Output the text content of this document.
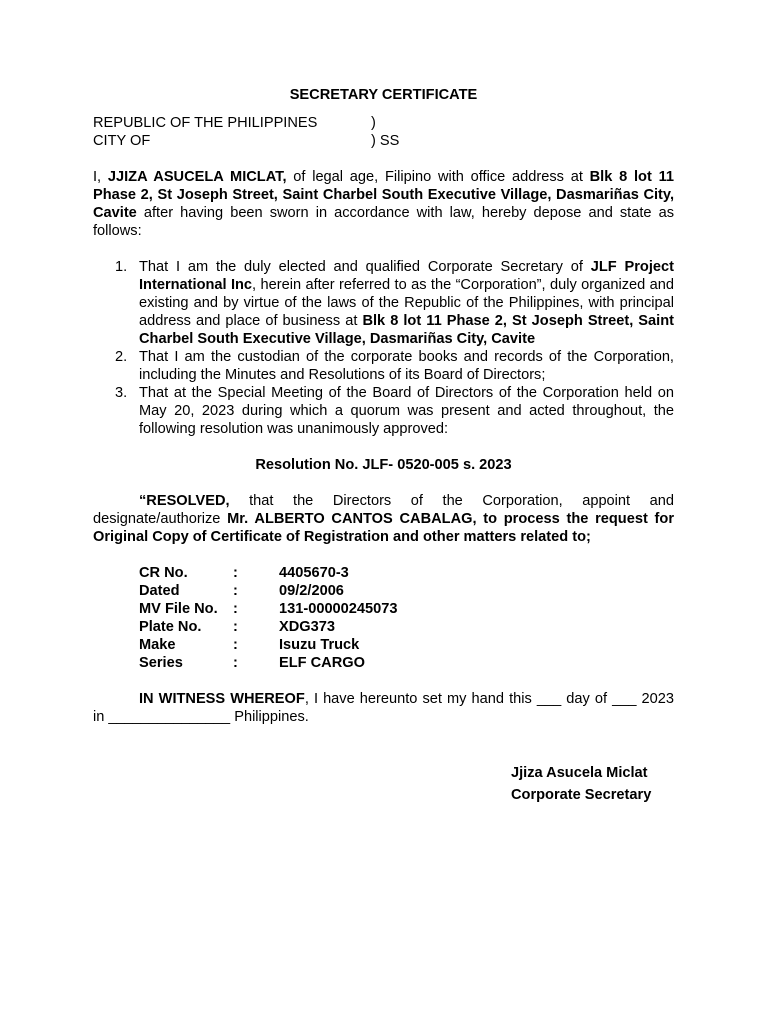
SECRETARY CERTIFICATE
REPUBLIC OF THE PHILIPPINES	)
CITY OF	) SS

I, JJIZA ASUCELA MICLAT, of legal age, Filipino with office address at Blk 8 lot 11 Phase 2, St Joseph Street, Saint Charbel South Executive Village, Dasmariñas City, Cavite after having been sworn in accordance with law, hereby depose and state as follows:

1. That I am the duly elected and qualified Corporate Secretary of JLF Project International Inc, herein after referred to as the “Corporation”, duly organized and existing and by virtue of the laws of the Republic of the Philippines, with principal address and place of business at Blk 8 lot 11 Phase 2, St Joseph Street, Saint Charbel South Executive Village, Dasmariñas City, Cavite
2. That I am the custodian of the corporate books and records of the Corporation, including the Minutes and Resolutions of its Board of Directors;
3. That at the Special Meeting of the Board of Directors of the Corporation held on May 20, 2023 during which a quorum was present and acted throughout, the following resolution was unanimously approved:
Resolution No. JLF- 0520-005 s. 2023

“RESOLVED, that the Directors of the Corporation, appoint and designate/authorize Mr. ALBERTO CANTOS CABALAG, to process the request for Original Copy of Certificate of Registration and other matters related to;

CR No.	:	4405670-3
Dated	:	09/2/2006
MV File No.	:	131-00000245073
Plate No.	:	XDG373
Make	:	Isuzu Truck
Series	:	ELF CARGO

IN WITNESS WHEREOF, I have hereunto set my hand this ___ day of ___ 2023 in _______________ Philippines.

Jjiza Asucela Miclat
Corporate Secretary
